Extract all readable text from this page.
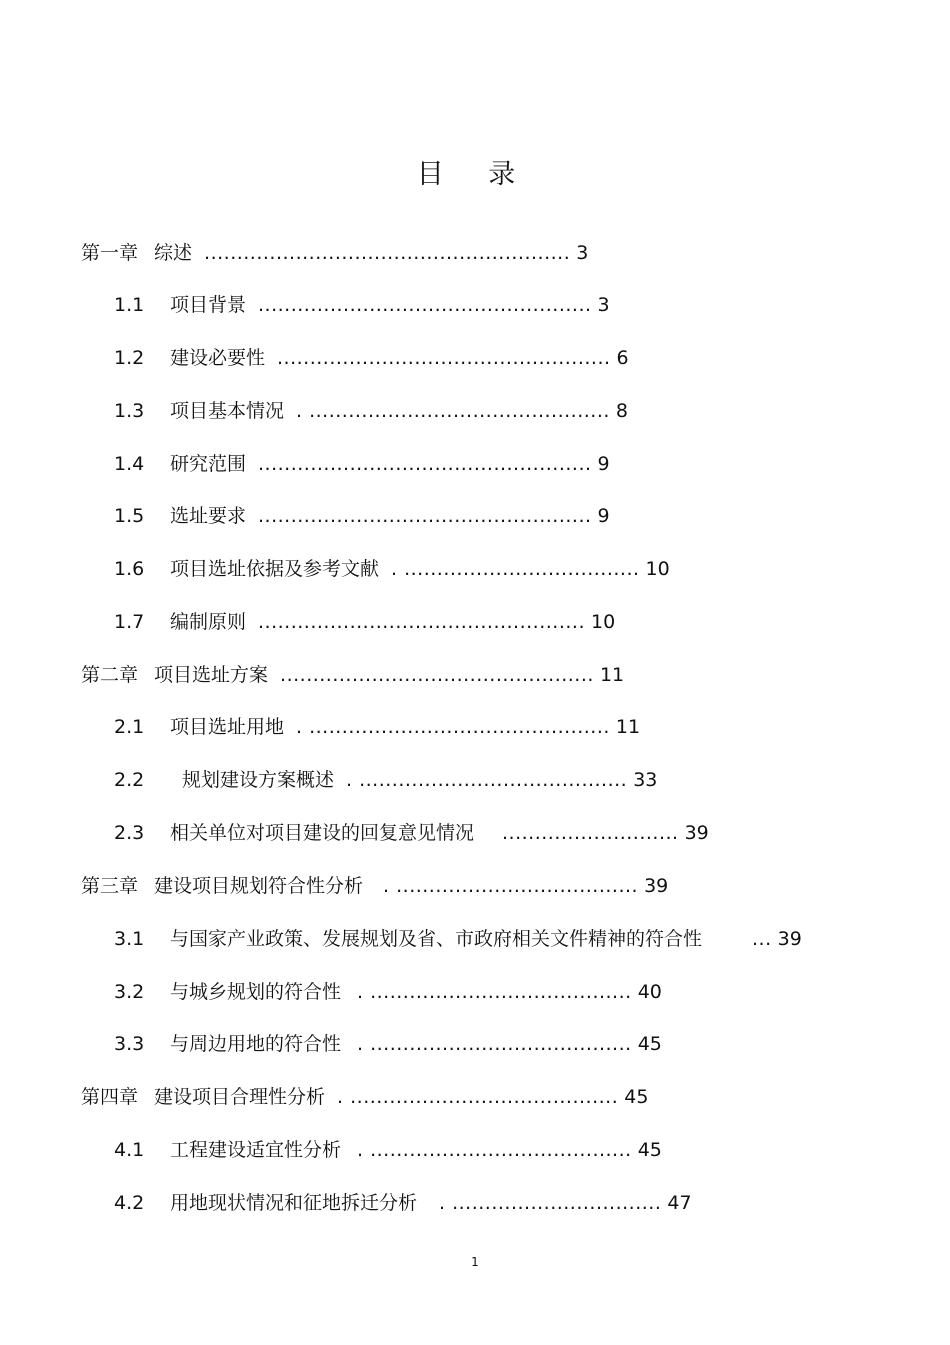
目 录
第一章 综述 ........................................................ 3
1.1 项目背景 ................................................... 3
1.2 建设必要性 ................................................... 6
1.3 项目基本情况 . .............................................. 8
1.4 研究范围 ................................................... 9
1.5 选址要求 ................................................... 9
1.6 项目选址依据及参考文献 . .................................... 10
1.7 编制原则 .................................................. 10
第二章 项目选址方案 ................................................ 11
2.1 项目选址用地 . .............................................. 11
2.2 规划建设方案概述 . ......................................... 33
2.3 相关单位对项目建设的回复意见情况 ........................... 39
第三章 建设项目规划符合性分析 . ..................................... 39
3.1 与国家产业政策、发展规划及省、市政府相关文件精神的符合性	... 39
3.2 与城乡规划的符合性 . ........................................ 40
3.3 与周边用地的符合性 . ........................................ 45
第四章 建设项目合理性分析 . ......................................... 45
4.1 工程建设适宜性分析 . ........................................ 45
4.2 用地现状情况和征地拆迁分析 . ................................ 47
1
